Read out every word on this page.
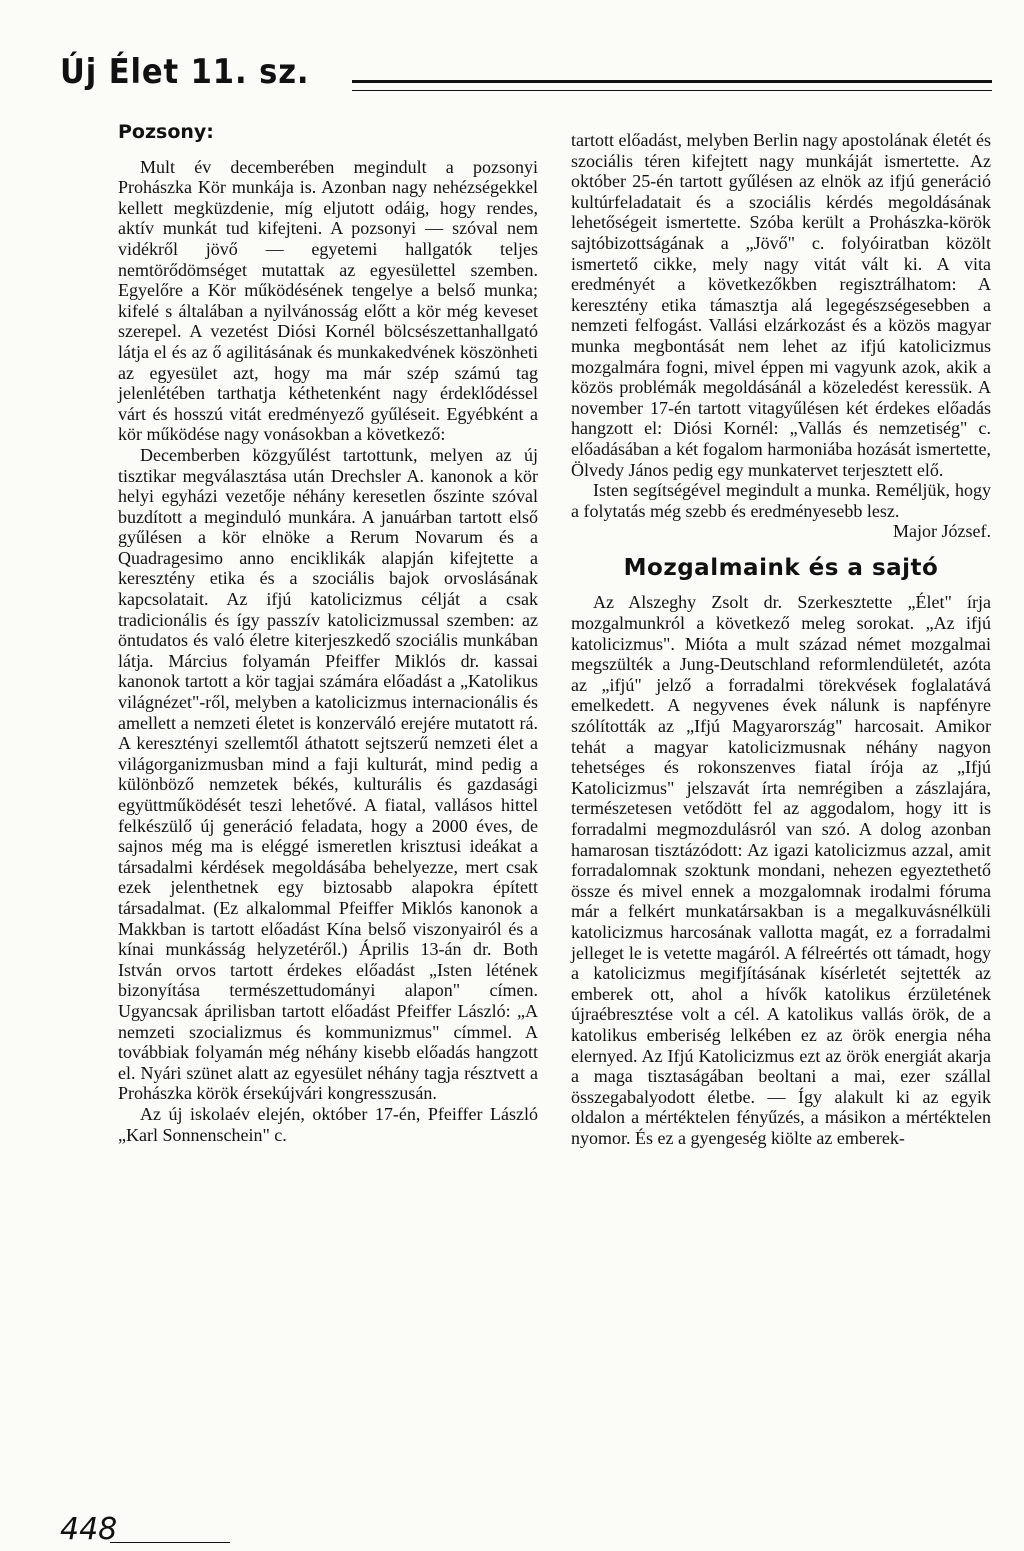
Új Élet 11. sz.
Pozsony:

Mult év decemberében megindult a pozsonyi Prohászka Kör munkája is. Azonban nagy nehézségekkel kellett megküzdenie, míg eljutott odáig, hogy rendes, aktív munkát tud kifejteni. A pozsonyi — szóval nem vidékről jövő — egyetemi hallgatók teljes nemtörődömséget mutattak az egyesülettel szemben. Egyelőre a Kör működésének tengelye a belső munka; kifelé s általában a nyilvánosság előtt a kör még keveset szerepel. A vezetést Diósi Kornél bölcsészettanhallgató látja el és az ő agilitásának és munkakedvének köszönheti az egyesület azt, hogy ma már szép számú tag jelenlétében tarthatja kéthetenként nagy érdeklődéssel várt és hosszú vitát eredményező gyűléseit. Egyébként a kör működése nagy vonásokban a következő:

Decemberben közgyűlést tartottunk, melyen az új tisztikar megválasztása után Drechsler A. kanonok a kör helyi egyházi vezetője néhány keresetlen őszinte szóval buzdított a meginduló munkára. A januárban tartott első gyűlésen a kör elnöke a Rerum Novarum és a Quadragesimo anno enciklikák alapján kifejtette a keresztény etika és a szociális bajok orvoslásának kapcsolatait. Az ifjú katolicizmus célját a csak tradicionális és így passzív katolicizmussal szemben: az öntudatos és való életre kiterjeszkedő szociális munkában látja. Március folyamán Pfeiffer Miklós dr. kassai kanonok tartott a kör tagjai számára előadást a „Katolikus világnézet"-ről, melyben a katolicizmus internacionális és amellett a nemzeti életet is konzerváló erejére mutatott rá. A keresztényi szellemtől áthatott sejtszerű nemzeti élet a világorganizmusban mind a faji kulturát, mind pedig a különböző nemzetek békés, kulturális és gazdasági együttműködését teszi lehetővé. A fiatal, vallásos hittel felkészülő új generáció feladata, hogy a 2000 éves, de sajnos még ma is eléggé ismeretlen krisztusi ideákat a társadalmi kérdések megoldásába behelyezze, mert csak ezek jelenthetnek egy biztosabb alapokra épített társadalmat. (Ez alkalommal Pfeiffer Miklós kanonok a Makkban is tartott előadást Kína belső viszonyairól és a kínai munkásság helyzetéről.) Április 13-án dr. Both István orvos tartott érdekes előadást „Isten létének bizonyítása természettudományi alapon" címen. Ugyancsak áprilisban tartott előadást Pfeiffer László: „A nemzeti szocializmus és kommunizmus" címmel. A továbbiak folyamán még néhány kisebb előadás hangzott el. Nyári szünet alatt az egyesület néhány tagja résztvett a Prohászka körök érsekújvári kongresszusán.

Az új iskolaév elején, október 17-én, Pfeiffer László „Karl Sonnenschein" c.

tartott előadást, melyben Berlin nagy apostolának életét és szociális téren kifejtett nagy munkáját ismertette. Az október 25-én tartott gyűlésen az elnök az ifjú generáció kultúrfeladatait és a szociális kérdés megoldásának lehetőségeit ismertette. Szóba került a Prohászka-körök sajtóbizottságának a „Jövő" c. folyóiratban közölt ismertető cikke, mely nagy vitát vált ki. A vita eredményét a következőkben regisztrálhatom: A keresztény etika támasztja alá legegészségesebben a nemzeti felfogást. Vallási elzárkozást és a közös magyar munka megbontását nem lehet az ifjú katolicizmus mozgalmára fogni, mivel éppen mi vagyunk azok, akik a közös problémák megoldásánál a közeledést keressük. A november 17-én tartott vitagyűlésen két érdekes előadás hangzott el: Diósi Kornél: „Vallás és nemzetiség" c. előadásában a két fogalom harmoniába hozását ismertette, Ölvedy János pedig egy munkatervet terjesztett elő.

Isten segítségével megindult a munka. Reméljük, hogy a folytatás még szebb és eredményesebb lesz.

Major József.

Mozgalmaink és a sajtó

Az Alszeghy Zsolt dr. Szerkesztette „Élet" írja mozgalmunkról a következő meleg sorokat. „Az ifjú katolicizmus". Mióta a mult század német mozgalmai megszülték a Jung-Deutschland reformlendületét, azóta az „ifjú" jelző a forradalmi törekvések foglalatává emelkedett. A negyvenes évek nálunk is napfényre szólították az „Ifjú Magyarország" harcosait. Amikor tehát a magyar katolicizmusnak néhány nagyon tehetséges és rokonszenves fiatal írója az „Ifjú Katolicizmus" jelszavát írta nemrégiben a zászlajára, természetesen vetődött fel az aggodalom, hogy itt is forradalmi megmozdulásról van szó. A dolog azonban hamarosan tisztázódott: Az igazi katolicizmus azzal, amit forradalomnak szoktunk mondani, nehezen egyeztethető össze és mivel ennek a mozgalomnak irodalmi fóruma már a felkért munkatársakban is a megalkuvásnélküli katolicizmus harcosának vallotta magát, ez a forradalmi jelleget le is vetette magáról. A félreértés ott támadt, hogy a katolicizmus megifjításának kísérletét sejtették az emberek ott, ahol a hívők katolikus érzületének újraébresztése volt a cél. A katolikus vallás örök, de a katolikus emberiség lelkében ez az örök energia néha elernyed. Az Ifjú Katolicizmus ezt az örök energiát akarja a maga tisztaságában beoltani a mai, ezer szállal összegabalyodott életbe. — Így alakult ki az egyik oldalon a mértéktelen fényűzés, a másikon a mértéktelen nyomor. És ez a gyengeség kiölte az emberek-

448
